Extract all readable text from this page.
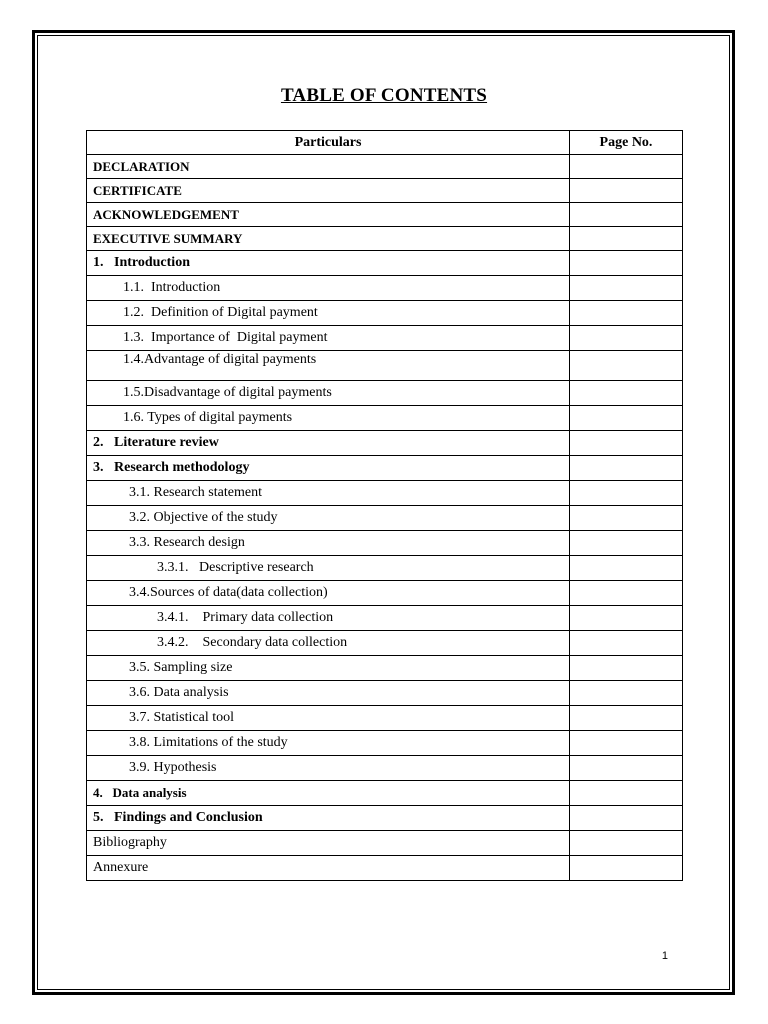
TABLE OF CONTENTS
Particulars	Page No.
DECLARATION	
CERTIFICATE	
ACKNOWLEDGEMENT	
EXECUTIVE SUMMARY	
1.   Introduction	
1.1.  Introduction	
1.2.  Definition of Digital payment	
1.3.  Importance of  Digital payment	
1.4.Advantage of digital payments	
1.5.Disadvantage of digital payments	
1.6. Types of digital payments	
2.   Literature review	
3.   Research methodology	
3.1. Research statement	
3.2. Objective of the study	
3.3. Research design	
3.3.1.   Descriptive research	
3.4.Sources of data(data collection)	
3.4.1.    Primary data collection	
3.4.2.    Secondary data collection	
3.5. Sampling size	
3.6. Data analysis	
3.7. Statistical tool	
3.8. Limitations of the study	
3.9. Hypothesis	
4.   Data analysis	
5.   Findings and Conclusion	
Bibliography	
Annexure	
1
